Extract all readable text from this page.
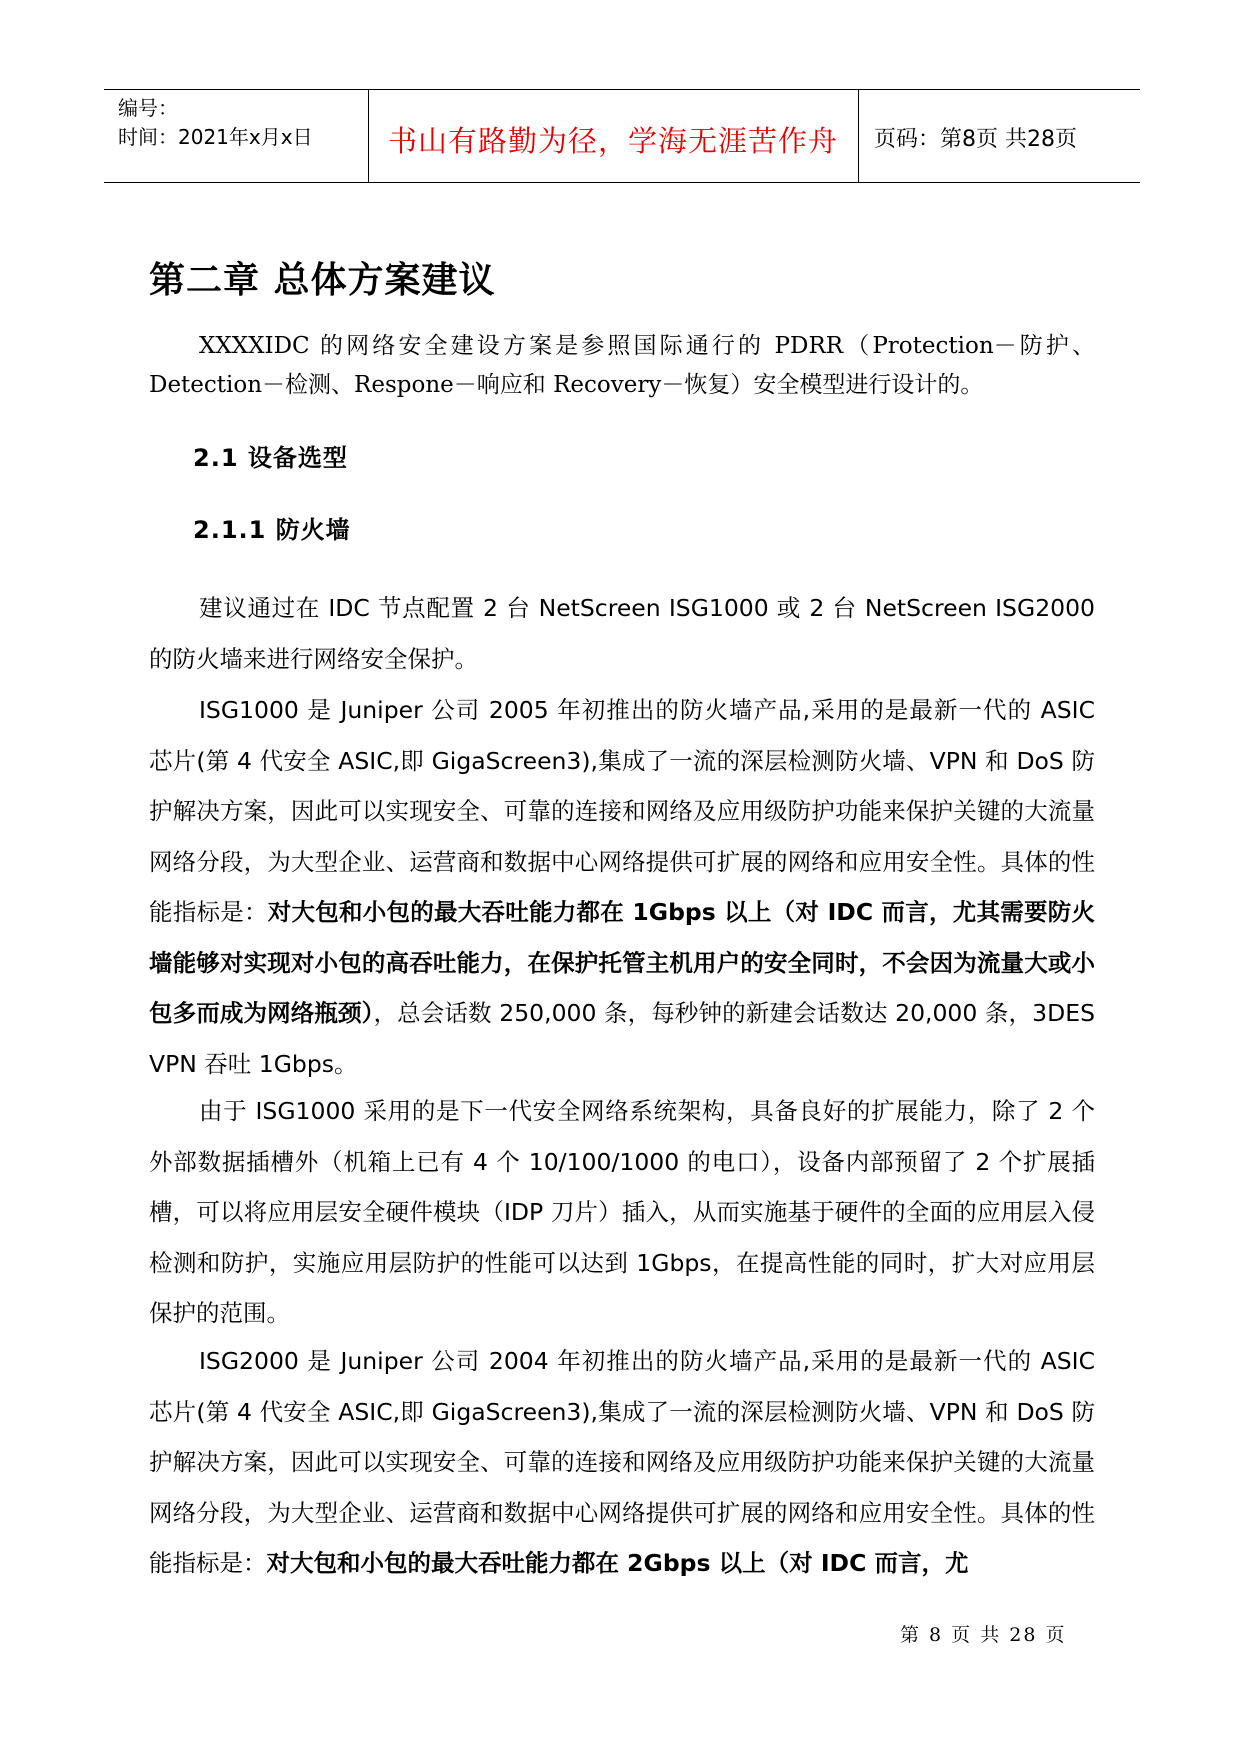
编号：
时间：2021年x月x日	书山有路勤为径，学海无涯苦作舟	页码：第8页 共28页
第二章 总体方案建议
XXXXIDC 的网络安全建设方案是参照国际通行的 PDRR（Protection－防护、Detection－检测、Respone－响应和 Recovery－恢复）安全模型进行设计的。
2.1 设备选型
2.1.1 防火墙
建议通过在 IDC 节点配置 2 台 NetScreen ISG1000 或 2 台 NetScreen ISG2000 的防火墙来进行网络安全保护。
ISG1000 是 Juniper 公司 2005 年初推出的防火墙产品,采用的是最新一代的 ASIC 芯片(第 4 代安全 ASIC,即 GigaScreen3),集成了一流的深层检测防火墙、VPN 和 DoS 防护解决方案，因此可以实现安全、可靠的连接和网络及应用级防护功能来保护关键的大流量网络分段，为大型企业、运营商和数据中心网络提供可扩展的网络和应用安全性。具体的性能指标是：对大包和小包的最大吞吐能力都在 1Gbps 以上（对 IDC 而言，尤其需要防火墙能够对实现对小包的高吞吐能力，在保护托管主机用户的安全同时，不会因为流量大或小包多而成为网络瓶颈），总会话数 250,000 条，每秒钟的新建会话数达 20,000 条，3DES VPN 吞吐 1Gbps。
由于 ISG1000 采用的是下一代安全网络系统架构，具备良好的扩展能力，除了 2 个外部数据插槽外（机箱上已有 4 个 10/100/1000 的电口），设备内部预留了 2 个扩展插槽，可以将应用层安全硬件模块（IDP 刀片）插入，从而实施基于硬件的全面的应用层入侵检测和防护，实施应用层防护的性能可以达到 1Gbps，在提高性能的同时，扩大对应用层保护的范围。
ISG2000 是 Juniper 公司 2004 年初推出的防火墙产品,采用的是最新一代的 ASIC 芯片(第 4 代安全 ASIC,即 GigaScreen3),集成了一流的深层检测防火墙、VPN 和 DoS 防护解决方案，因此可以实现安全、可靠的连接和网络及应用级防护功能来保护关键的大流量网络分段，为大型企业、运营商和数据中心网络提供可扩展的网络和应用安全性。具体的性能指标是：对大包和小包的最大吞吐能力都在 2Gbps 以上（对 IDC 而言，尤
第 8 页 共 28 页
